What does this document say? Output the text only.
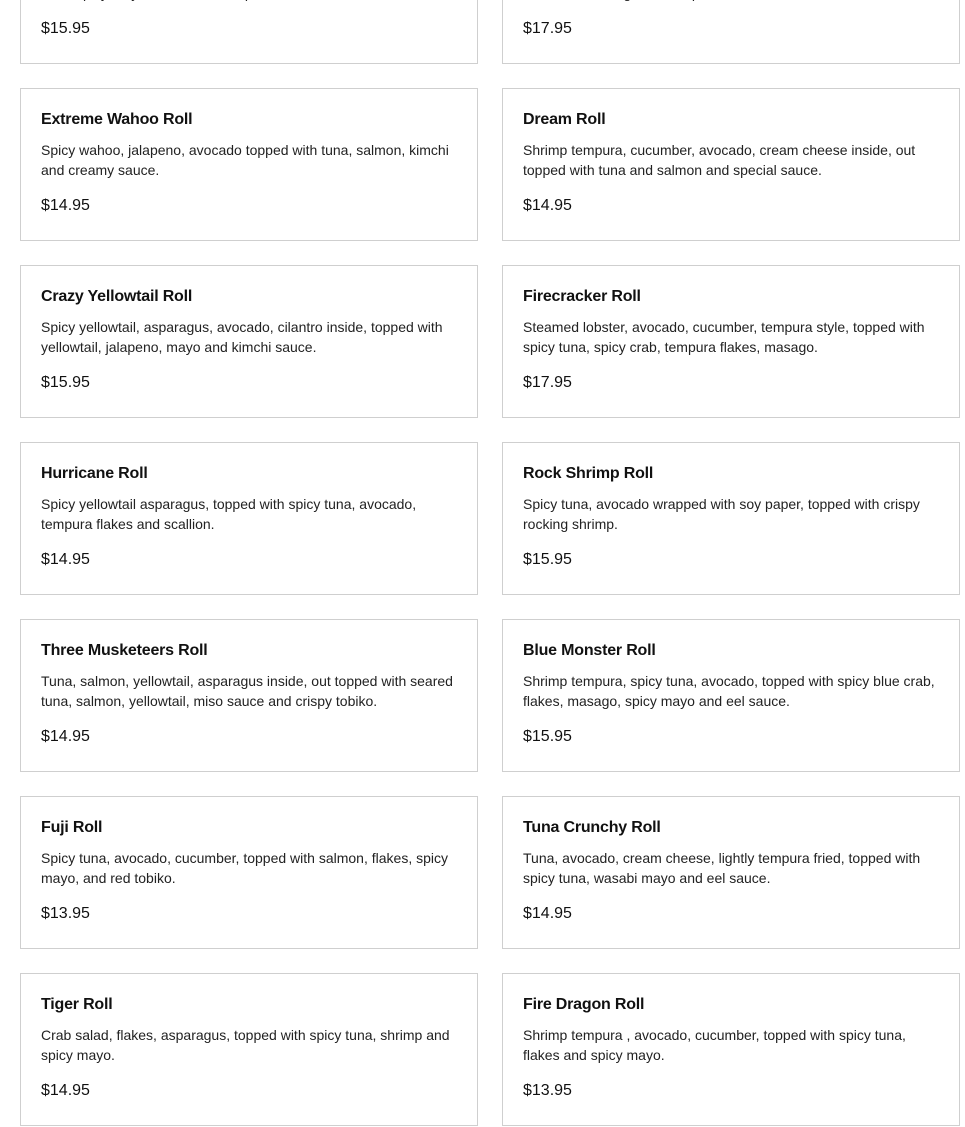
$15.95	$17.95
Extreme Wahoo Roll
Spicy wahoo, jalapeno, avocado topped with tuna, salmon, kimchi and creamy sauce.
$14.95
Dream Roll
Shrimp tempura, cucumber, avocado, cream cheese inside, out topped with tuna and salmon and special sauce.
$14.95
Crazy Yellowtail Roll
Spicy yellowtail, asparagus, avocado, cilantro inside, topped with yellowtail, jalapeno, mayo and kimchi sauce.
$15.95
Firecracker Roll
Steamed lobster, avocado, cucumber, tempura style, topped with spicy tuna, spicy crab, tempura flakes, masago.
$17.95
Hurricane Roll
Spicy yellowtail asparagus, topped with spicy tuna, avocado, tempura flakes and scallion.
$14.95
Rock Shrimp Roll
Spicy tuna, avocado wrapped with soy paper, topped with crispy rocking shrimp.
$15.95
Three Musketeers Roll
Tuna, salmon, yellowtail, asparagus inside, out topped with seared tuna, salmon, yellowtail, miso sauce and crispy tobiko.
$14.95
Blue Monster Roll
Shrimp tempura, spicy tuna, avocado, topped with spicy blue crab, flakes, masago, spicy mayo and eel sauce.
$15.95
Fuji Roll
Spicy tuna, avocado, cucumber, topped with salmon, flakes, spicy mayo, and red tobiko.
$13.95
Tuna Crunchy Roll
Tuna, avocado, cream cheese, lightly tempura fried, topped with spicy tuna, wasabi mayo and eel sauce.
$14.95
Tiger Roll
Crab salad, flakes, asparagus, topped with spicy tuna, shrimp and spicy mayo.
$14.95
Fire Dragon Roll
Shrimp tempura , avocado, cucumber, topped with spicy tuna, flakes and spicy mayo.
$13.95
